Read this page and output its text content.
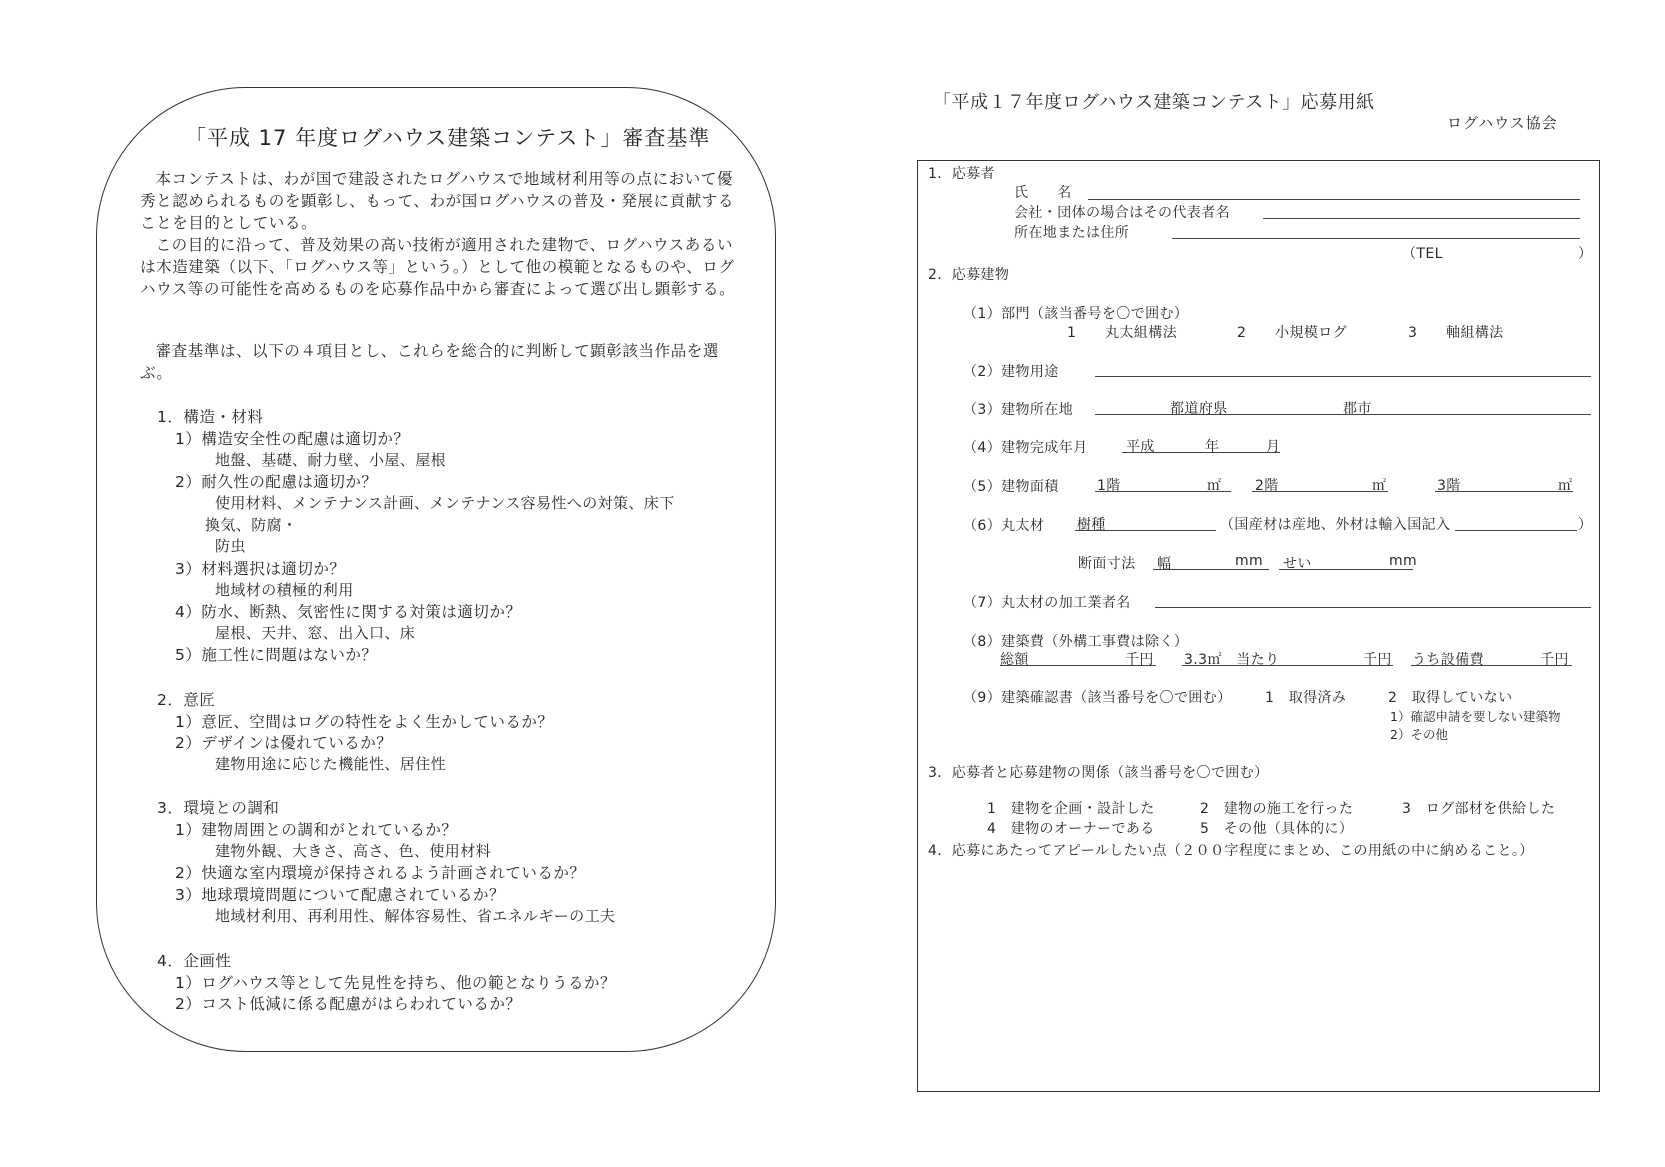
「平成 17 年度ログハウス建築コンテスト」審査基準
本コンテストは、わが国で建設されたログハウスで地域材利用等の点において優秀と認められるものを顕彰し、もって、わが国ログハウスの普及・発展に貢献することを目的としている。
この目的に沿って、普及効果の高い技術が適用された建物で、ログハウスあるいは木造建築（以下、「ログハウス等」という。）として他の模範となるものや、ログハウス等の可能性を高めるものを応募作品中から審査によって選び出し顕彰する。
審査基準は、以下の４項目とし、これらを総合的に判断して顕彰該当作品を選ぶ。
1．構造・材料
1）構造安全性の配慮は適切か？
地盤、基礎、耐力壁、小屋、屋根
2）耐久性の配慮は適切か？
使用材料、メンテナンス計画、メンテナンス容易性への対策、床下
換気、防腐・
防虫
3）材料選択は適切か？
地域材の積極的利用
4）防水、断熱、気密性に関する対策は適切か？
屋根、天井、窓、出入口、床
5）施工性に問題はないか？
2．意匠
1）意匠、空間はログの特性をよく生かしているか？
2）デザインは優れているか？
建物用途に応じた機能性、居住性
3．環境との調和
1）建物周囲との調和がとれているか？
建物外観、大きさ、高さ、色、使用材料
2）快適な室内環境が保持されるよう計画されているか？
3）地球環境問題について配慮されているか？
地域材利用、再利用性、解体容易性、省エネルギーの工夫
4．企画性
1）ログハウス等として先見性を持ち、他の範となりうるか？
2）コスト低減に係る配慮がはらわれているか？
「平成１７年度ログハウス建築コンテスト」応募用紙
ログハウス協会
1．応募者
氏　　名
会社・団体の場合はその代表者名
所在地または住所
（TEL	）
2．応募建物
（1）部門（該当番号を〇で囲む）
1　　丸太組構法	2　　小規模ログ	3　　軸組構法
（2）建物用途
（3）建物所在地	都道府県	郡市
（4）建物完成年月	平成	年	月
（5）建物面積	1階	㎡ 2階	㎡	3階	㎡
（6）丸太材 樹種	（国産材は産地、外材は輸入国記入	）
断面寸法 幅	mm せい	mm
（7）丸太材の加工業者名
（8）建築費（外構工事費は除く）
総額	千円 3.3㎡　当たり	千円 うち設備費	千円
（9）建築確認書（該当番号を〇で囲む） 1　取得済み	2　取得していない
1）確認申請を要しない建築物
2）その他
3．応募者と応募建物の関係（該当番号を〇で囲む）
1　建物を企画・設計した	2　建物の施工を行った	3　ログ部材を供給した
4　建物のオーナーである	5　その他（具体的に）
4．応募にあたってアピールしたい点（２００字程度にまとめ、この用紙の中に納めること。）
